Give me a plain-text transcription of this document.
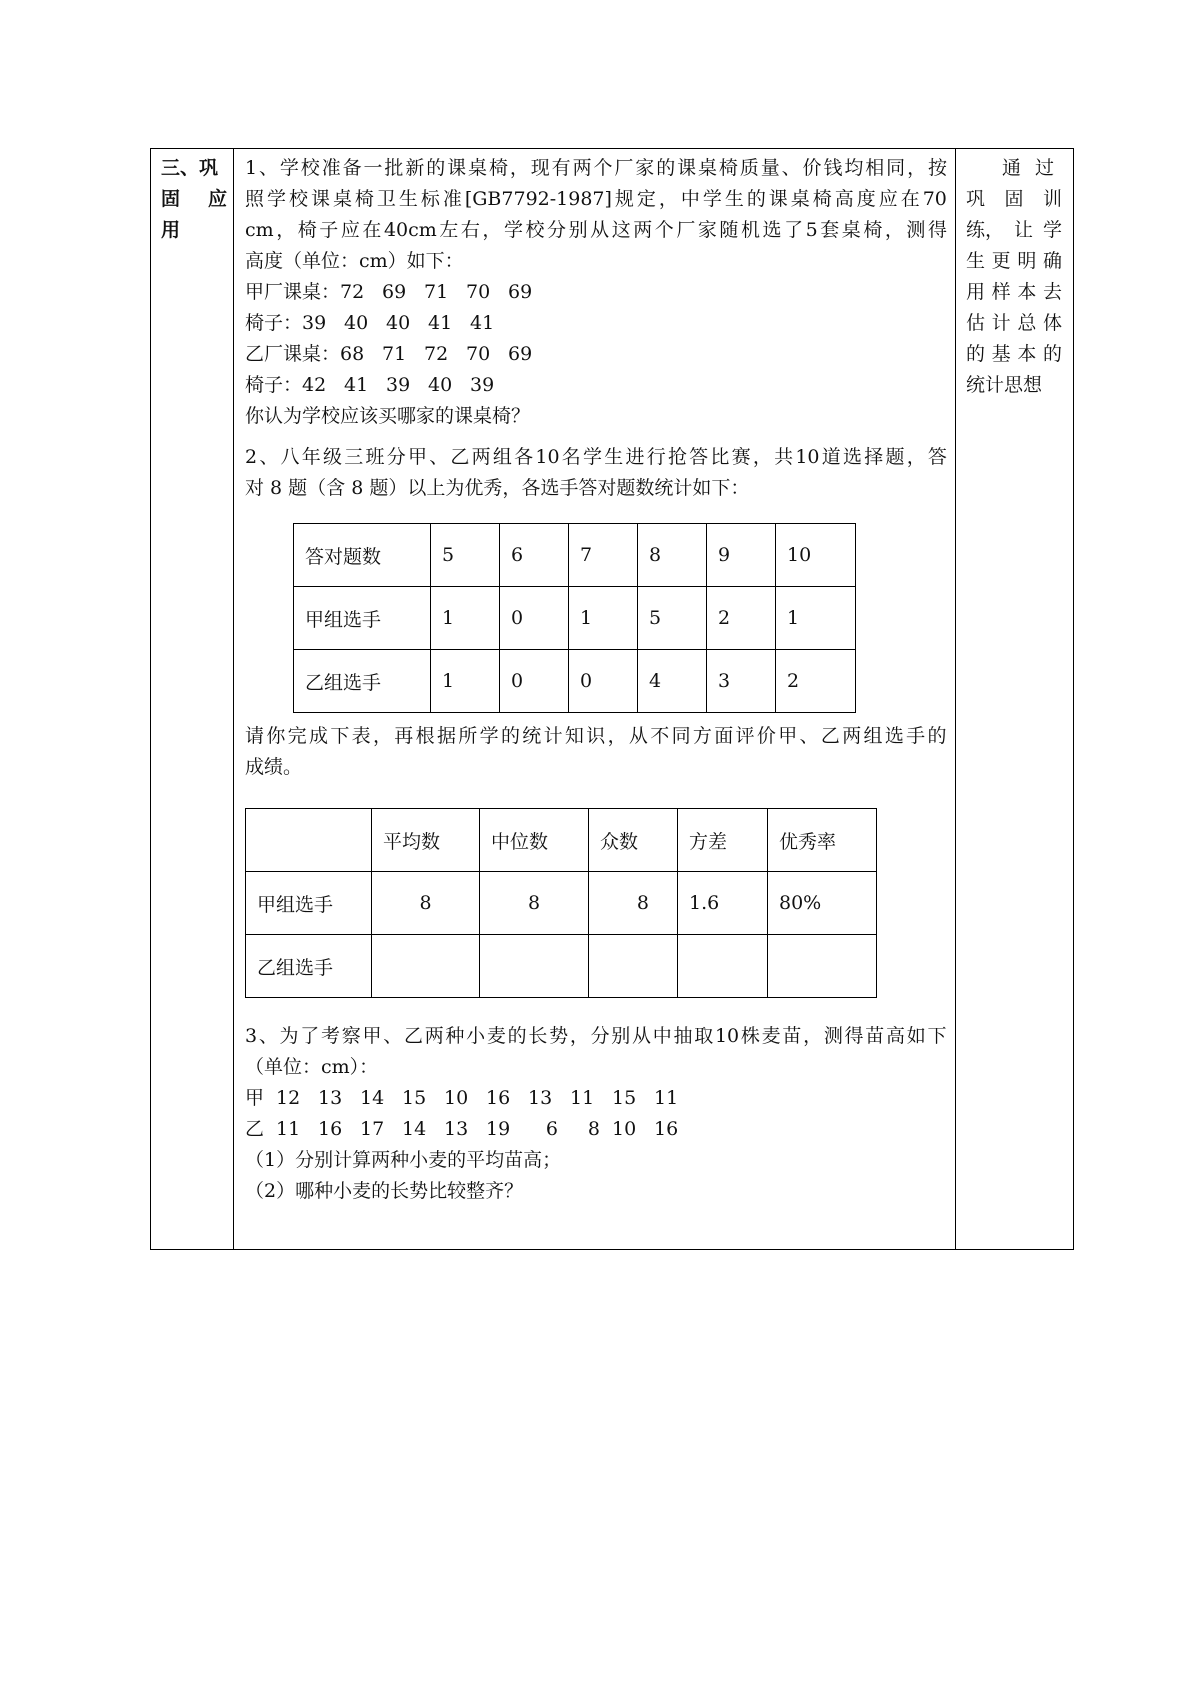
三、巩
固 应
用
1 、 学 校 准 备 一 批 新 的 课 桌 椅 ， 现 有 两 个 厂 家 的 课 桌 椅 质 量 、 价 钱 均 相 同 ， 按
照 学 校 课 桌 椅 卫 生 标 准 [GB7792-1987] 规 定 ， 中 学 生 的 课 桌 椅 高 度 应 在 70
cm ， 椅 子 应 在 40cm 左 右 ， 学 校 分 别 从 这 两 个 厂 家 随 机 选 了 5 套 桌 椅 ， 测 得
高度（单位：cm）如下：
甲厂课桌：72 69 71 70 69
椅子：39 40 40 41 41
乙厂课桌：68 71 72 70 69
椅子：42 41 39 40 39
你认为学校应该买哪家的课桌椅？
2 、 八 年 级 三 班 分 甲 、 乙 两 组 各 10 名 学 生 进 行 抢 答 比 赛 ， 共 10 道 选 择 题 ， 答
对 8 题（含 8 题）以上为优秀，各选手答对题数统计如下：
答对题数	5	6	7	8	9	10
甲组选手	1	0	1	5	2	1
乙组选手	1	0	0	4	3	2
请 你 完 成 下 表 ， 再 根 据 所 学 的 统 计 知 识 ， 从 不 同 方 面 评 价 甲 、 乙 两 组 选 手 的
成绩。
	平均数	中位数	众数	方差	优秀率
甲组选手	8	8	8	1.6	80%
乙组选手					
3 、 为 了 考 察 甲 、 乙 两 种 小 麦 的 长 势 ， 分 别 从 中 抽 取 10 株 麦 苗 ， 测 得 苗 高 如 下
（单位：cm）：
甲 12 13 14 15 10 16 13 11 15 11
乙 11 16 17 14 13 19 6 8 10 16
（1）分别计算两种小麦的平均苗高；
（2）哪种小麦的长势比较整齐？
通 过
巩 固 训
练， 让 学
生 更 明 确
用 样 本 去
估 计 总 体
的 基 本 的
统计思想
